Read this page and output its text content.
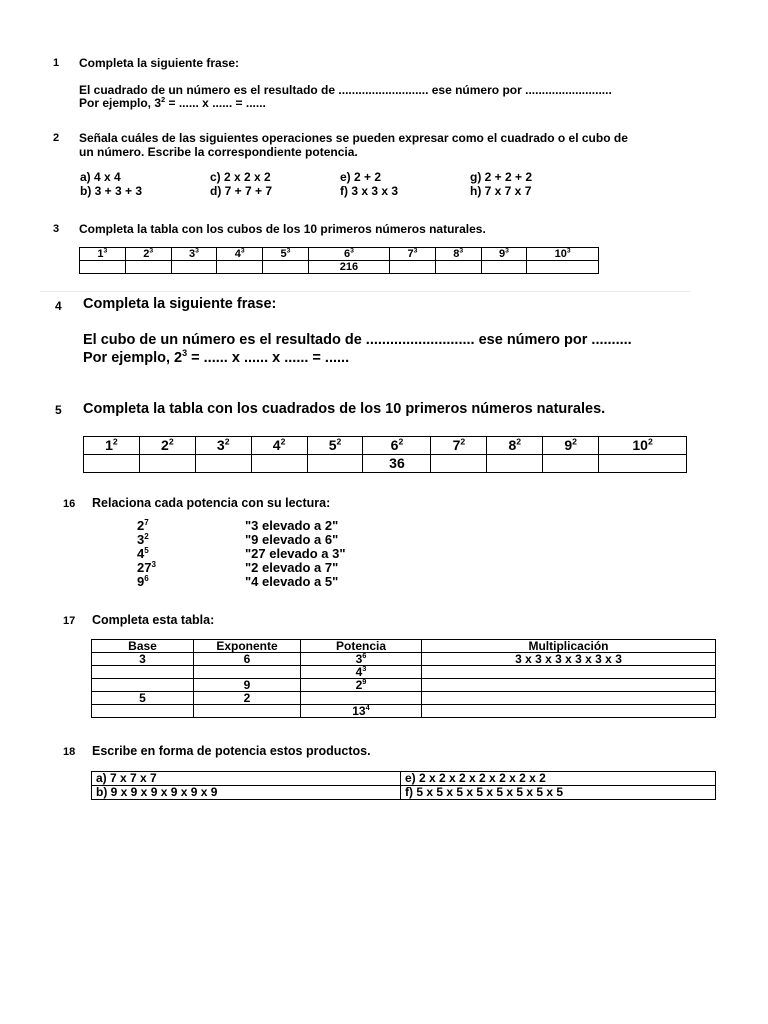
1 Completa la siguiente frase:
El cuadrado de un número es el resultado de ........................... ese número por ..........................
Por ejemplo, $3^2$ = ...... x ...... = ......
2 Señala cuáles de las siguientes operaciones se pueden expresar como el cuadrado o el cubo de
un número. Escribe la correspondiente potencia.
a) 4 x 4	c) 2 x 2 x 2	e) 2 + 2	g) 2 + 2 + 2
b) 3 + 3 + 3	d) 7 + 7 + 7	f) 3 x 3 x 3	h) 7 x 7 x 7
3 Completa la tabla con los cubos de los 10 primeros números naturales.
$1^3$	$2^3$	$3^3$	$4^3$	$5^3$	$6^3$	$7^3$	$8^3$	$9^3$	$10^3$
					216				
4 Completa la siguiente frase:
El cubo de un número es el resultado de ........................... ese número por ..........
Por ejemplo, $2^3$ = ...... x ...... x ...... = ......
5 Completa la tabla con los cuadrados de los 10 primeros números naturales.
$1^2$	$2^2$	$3^2$	$4^2$	$5^2$	$6^2$	$7^2$	$8^2$	$9^2$	$10^2$
					36				
16 Relaciona cada potencia con su lectura:
$2^7$	"3 elevado a 2"
$3^2$	"9 elevado a 6"
$4^5$	"27 elevado a 3"
$27^3$	"2 elevado a 7"
$9^6$	"4 elevado a 5"
17 Completa esta tabla:
Base	Exponente	Potencia	Multiplicación
3	6	$3^6$	3 x 3 x 3 x 3 x 3 x 3
		$4^3$	
	9	$2^9$	
5	2		
		$13^4$	
18 Escribe en forma de potencia estos productos.
a) 7 x 7 x 7	e) 2 x 2 x 2 x 2 x 2 x 2 x 2
b) 9 x 9 x 9 x 9 x 9 x 9	f) 5 x 5 x 5 x 5 x 5 x 5 x 5 x 5
